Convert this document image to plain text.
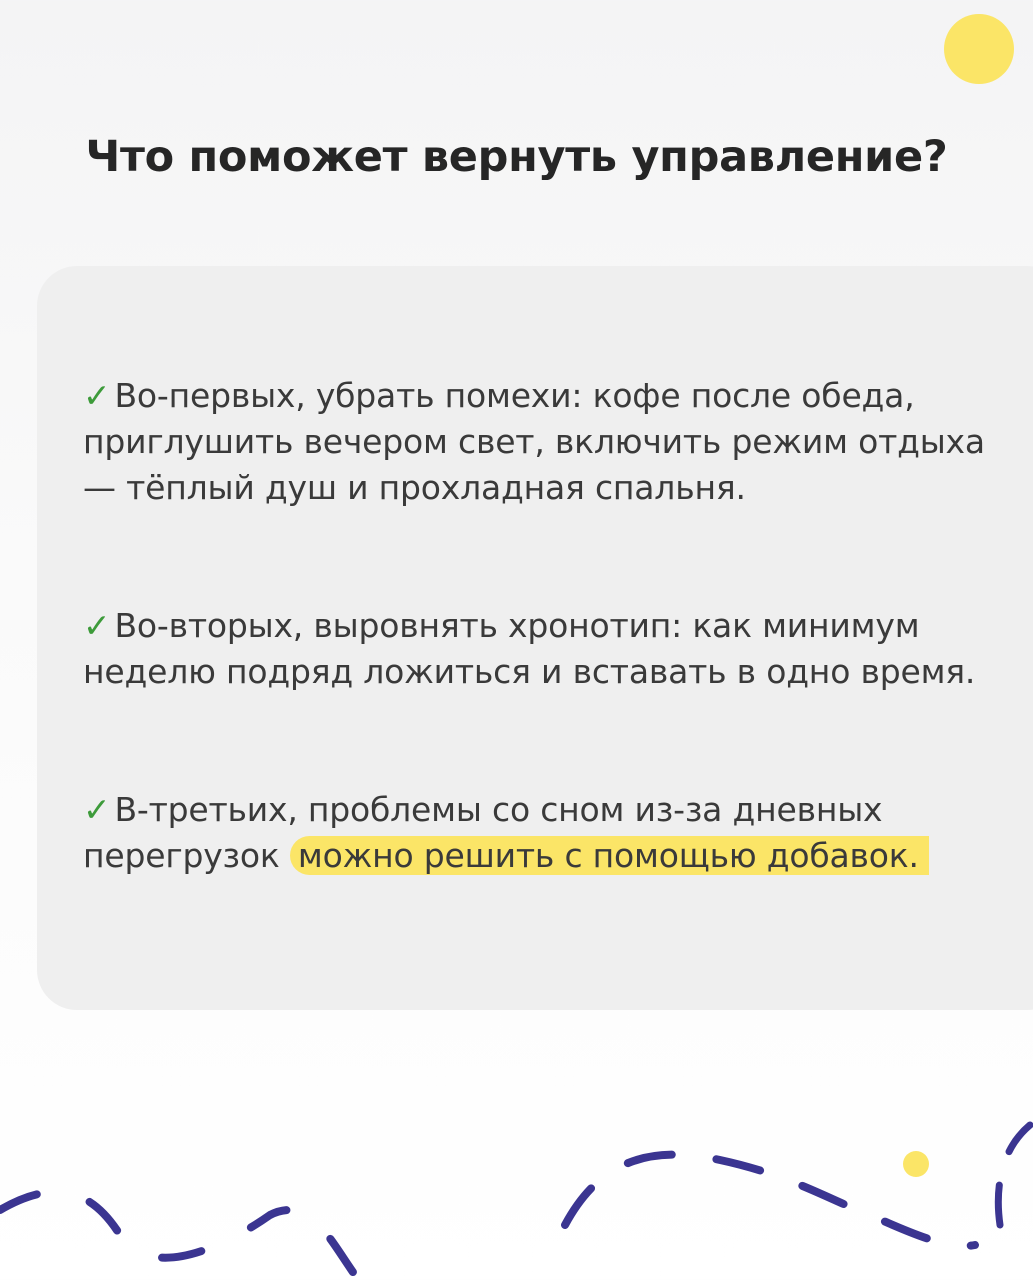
Что поможет вернуть управление?

✓ Во-первых, убрать помехи: кофе после обеда, приглушить вечером свет, включить режим отдыха — тёплый душ и прохладная спальня.

✓ Во-вторых, выровнять хронотип: как минимум неделю подряд ложиться и вставать в одно время.

✓ В-третьих, проблемы со сном из-за дневных перегрузок можно решить с помощью добавок.
